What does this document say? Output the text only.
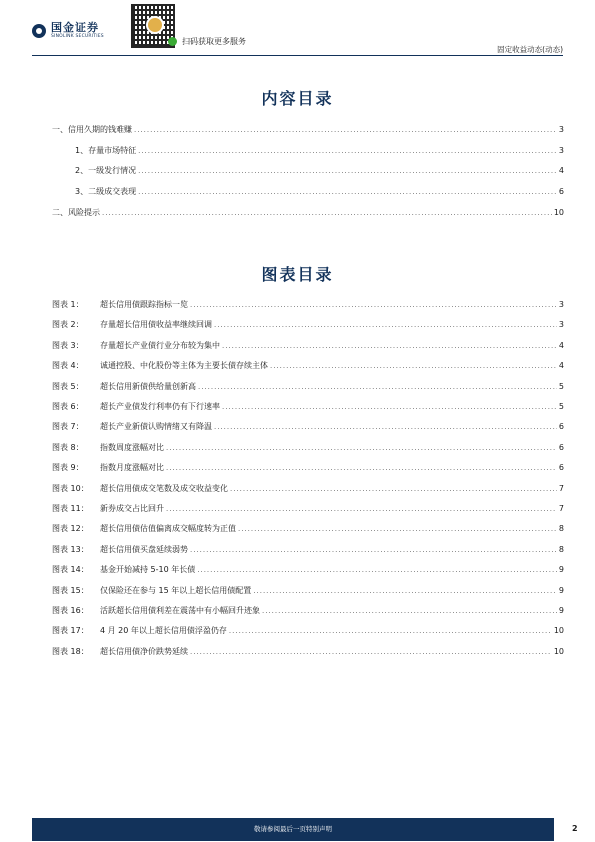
国金证券
SINOLINK SECURITIES
扫码获取更多服务
固定收益动态(动态)
内容目录
一、信用久期的钱难赚 .....	3
1、存量市场特征 .....	3
2、一级发行情况 .....	4
3、二级成交表现 .....	6
二、风险提示 .....	10
图表目录
图表 1： 超长信用债跟踪指标一览 .....	3
图表 2： 存量超长信用债收益率继续回调 .....	3
图表 3： 存量超长产业债行业分布较为集中 .....	4
图表 4： 诚通控股、中化股份等主体为主要长债存续主体 .....	4
图表 5： 超长信用新债供给量创新高 .....	5
图表 6： 超长产业债发行利率仍有下行速率 .....	5
图表 7： 超长产业新债认购情绪又有降温 .....	6
图表 8： 指数周度涨幅对比 .....	6
图表 9： 指数月度涨幅对比 .....	6
图表 10： 超长信用债成交笔数及成交收益变化 .....	7
图表 11： 新券成交占比回升 .....	7
图表 12： 超长信用债估值偏离成交幅度转为正值 .....	8
图表 13： 超长信用债买盘延续弱势 .....	8
图表 14： 基金开始减持 5-10 年长债 .....	9
图表 15： 仅保险还在参与 15 年以上超长信用债配置 .....	9
图表 16： 活跃超长信用债利差在震荡中有小幅回升迹象 .....	9
图表 17： 4 月 20 年以上超长信用债浮盈仍存 .....	10
图表 18： 超长信用债净价跌势延续 .....	10
敬请参阅最后一页特别声明	2
